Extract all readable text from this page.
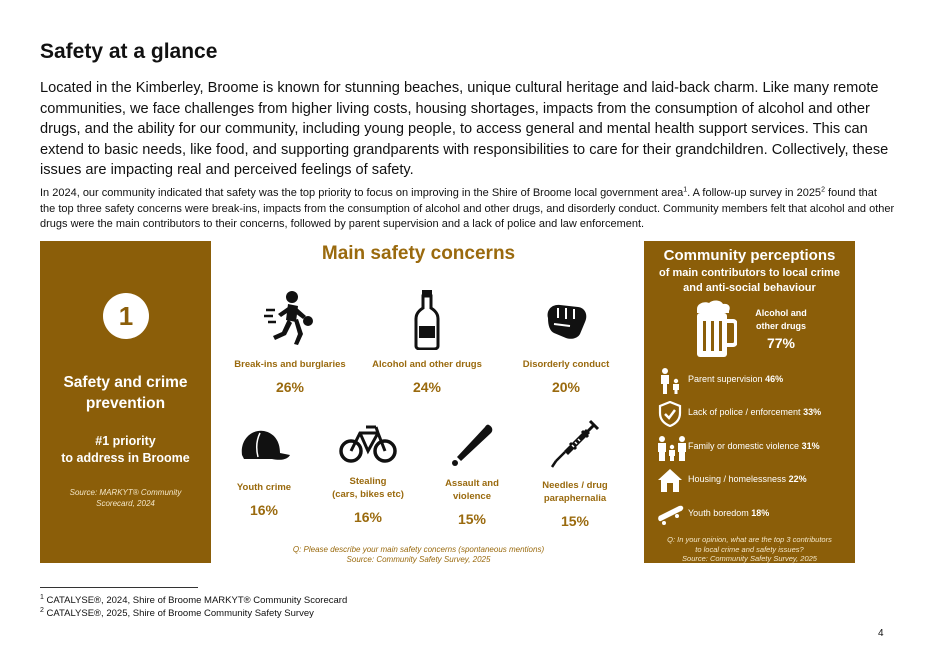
Safety at a glance

Located in the Kimberley, Broome is known for stunning beaches, unique cultural heritage and laid-back charm. Like many remote communities, we face challenges from higher living costs, housing shortages, impacts from the consumption of alcohol and other drugs, and the ability for our community, including young people, to access general and mental health support services. This can extend to basic needs, like food, and supporting grandparents with responsibilities to care for their grandchildren. Collectively, these issues are impacting real and perceived feelings of safety.

In 2024, our community indicated that safety was the top priority to focus on improving in the Shire of Broome local government area$^1$. A follow-up survey in 2025$^2$ found that the top three safety concerns were break-ins, impacts from the consumption of alcohol and other drugs, and disorderly conduct. Community members felt that alcohol and other drugs were the main contributors to their concerns, followed by parent supervision and a lack of police and law enforcement.

1
Safety and crime
prevention
#1 priority
to address in Broome
Source: MARKYT® Community
Scorecard, 2024
Main safety concerns
Break-ins and burglaries
26%
Alcohol and other drugs
24%
Disorderly conduct
20%
Youth crime
16%
Stealing
(cars, bikes etc)
16%
Assault and
violence
15%
Needles / drug
paraphernalia
15%
Q: Please describe your main safety concerns (spontaneous mentions)
Source: Community Safety Survey, 2025
Community perceptions
of main contributors to local crime
and anti-social behaviour
Alcohol and
other drugs
77%
Parent supervision 46%
Lack of police / enforcement 33%
Family or domestic violence 31%
Housing / homelessness 22%
Youth boredom 18%
Q: In your opinion, what are the top 3 contributors
to local crime and safety issues?
Source: Community Safety Survey, 2025
$^1$ CATALYSE®, 2024, Shire of Broome MARKYT® Community Scorecard
$^2$ CATALYSE®, 2025, Shire of Broome Community Safety Survey
4
